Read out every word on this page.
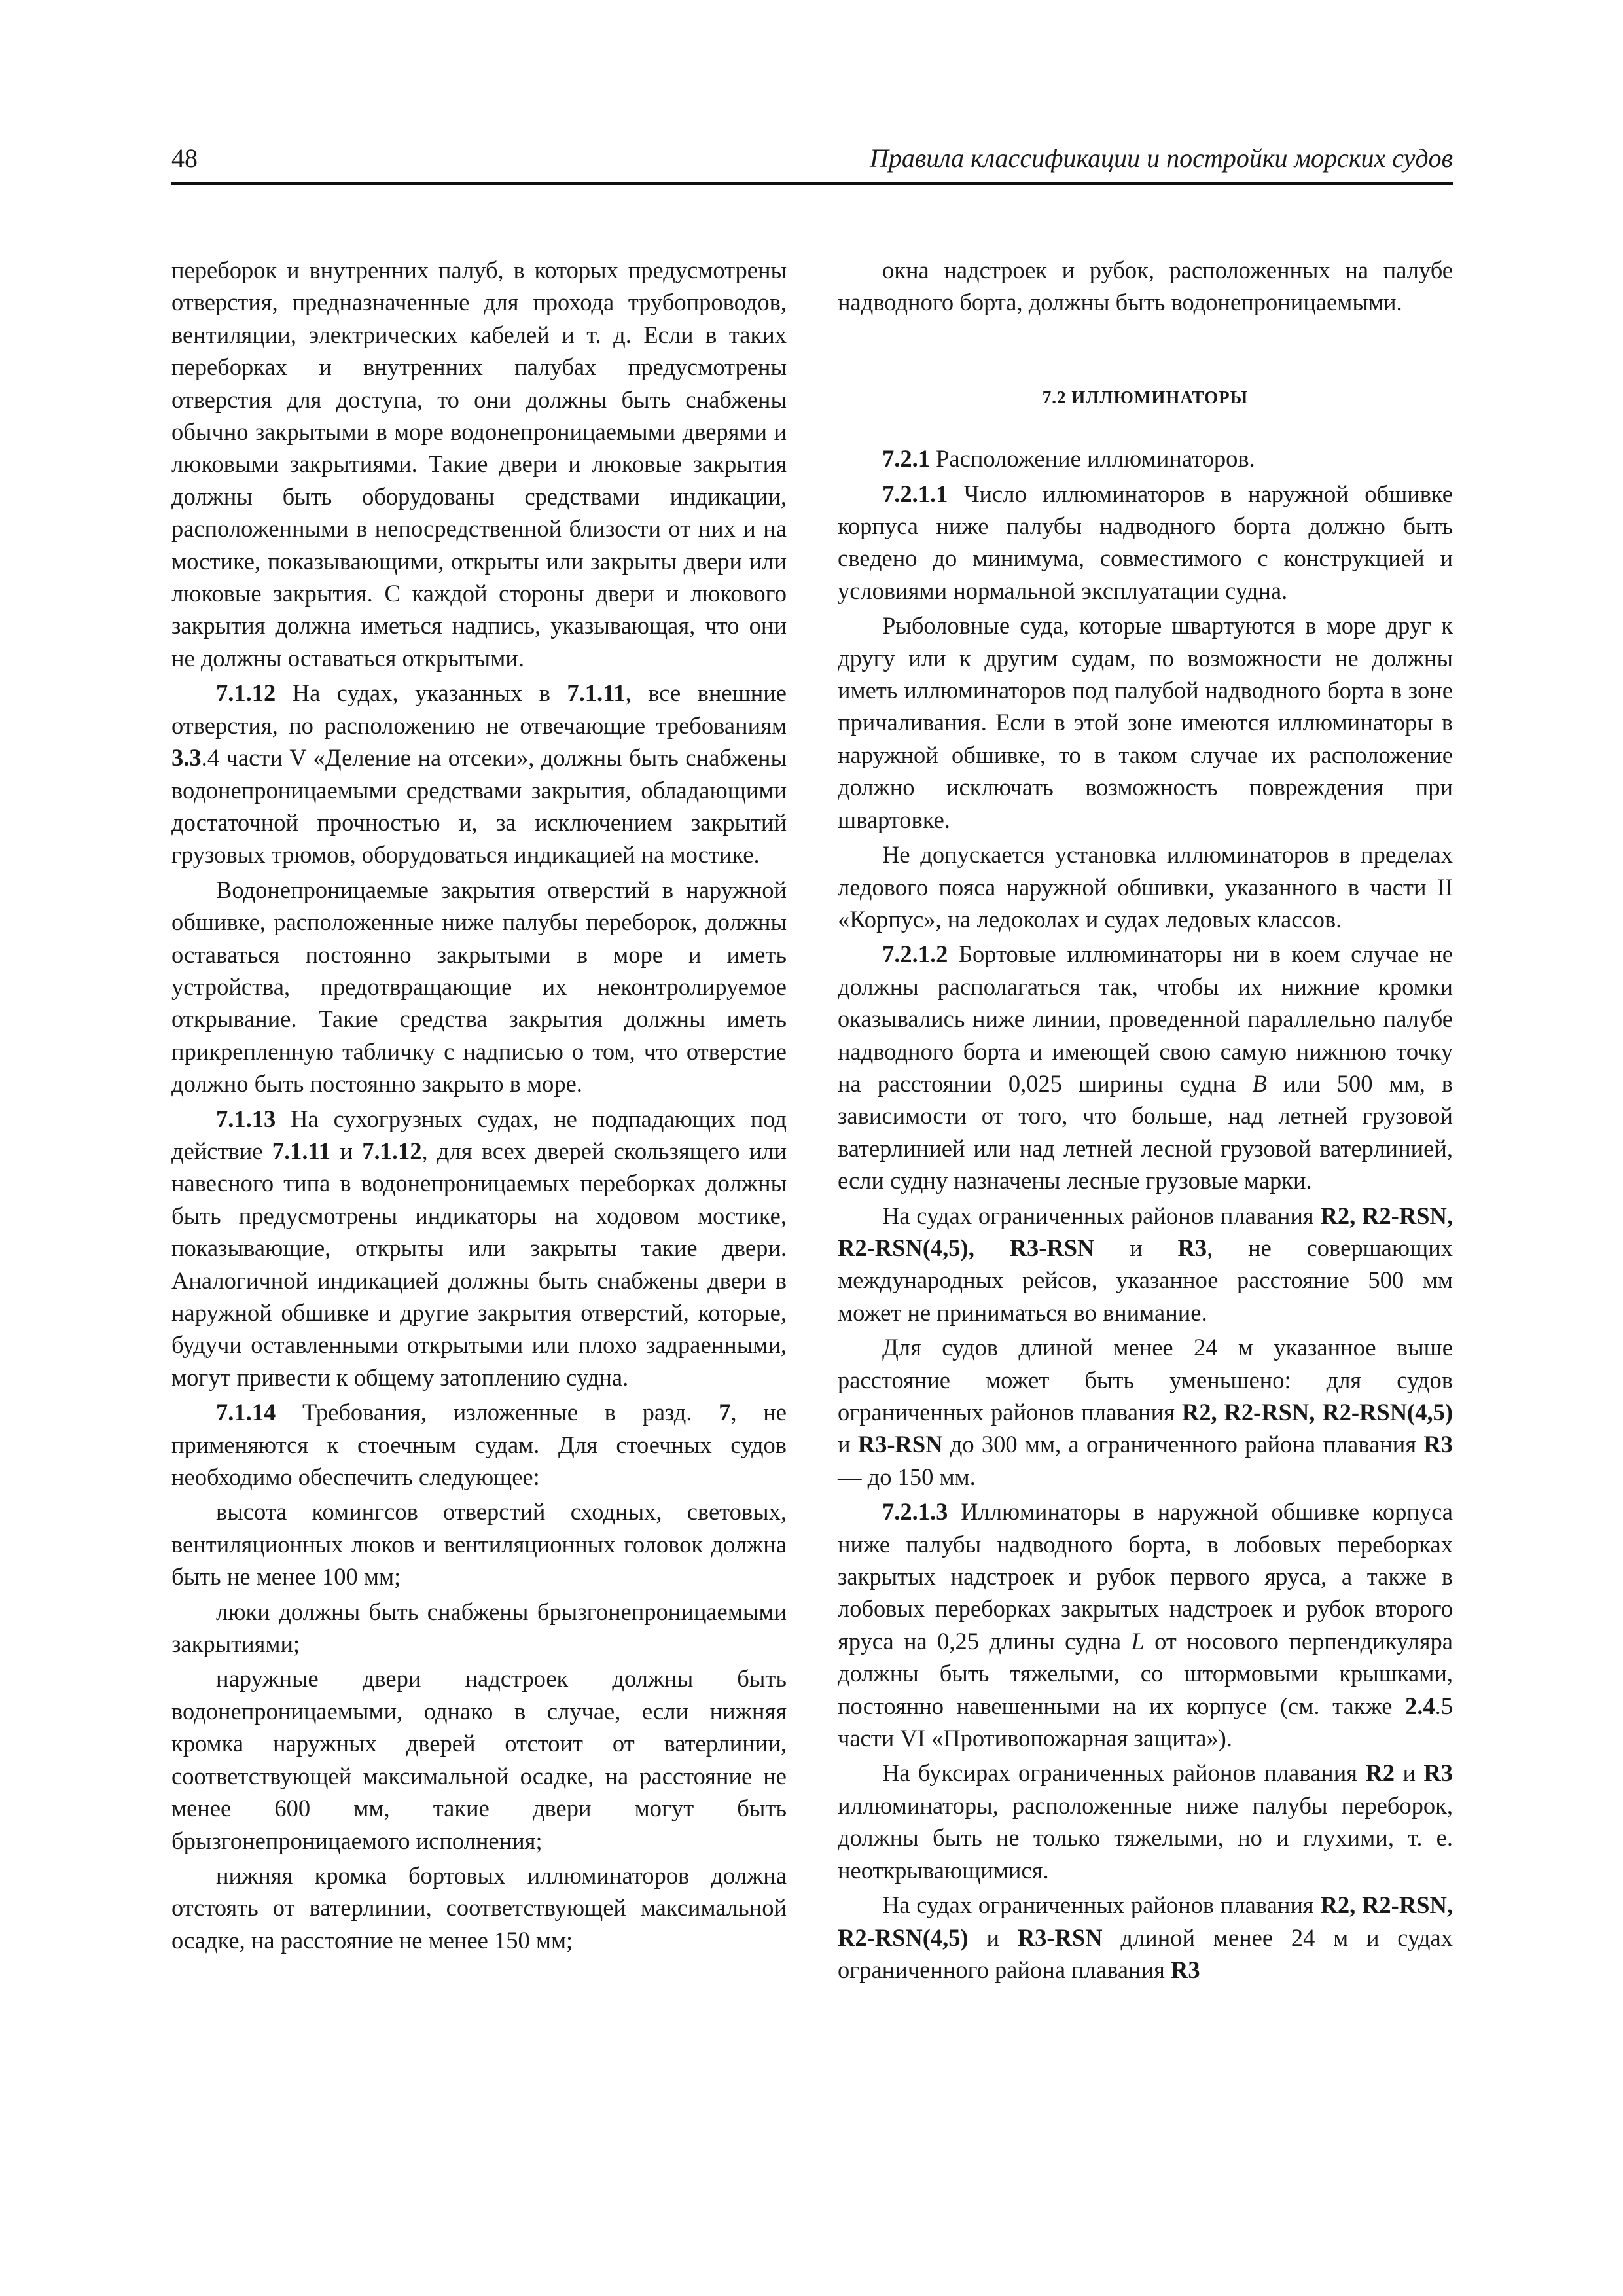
48	Правила классификации и постройки морских судов

переборок и внутренних палуб, в которых предусмотрены отверстия, предназначенные для прохода трубопроводов, вентиляции, электрических кабелей и т. д. Если в таких переборках и внутренних палубах предусмотрены отверстия для доступа, то они должны быть снабжены обычно закрытыми в море водонепроницаемыми дверями и люковыми закрытиями. Такие двери и люковые закрытия должны быть оборудованы средствами индикации, расположенными в непосредственной близости от них и на мостике, показывающими, открыты или закрыты двери или люковые закрытия. С каждой стороны двери и люкового закрытия должна иметься надпись, указывающая, что они не должны оставаться открытыми.

7.1.12 На судах, указанных в 7.1.11, все внешние отверстия, по расположению не отвечающие требованиям 3.3.4 части V «Деление на отсеки», должны быть снабжены водонепроницаемыми средствами закрытия, обладающими достаточной прочностью и, за исключением закрытий грузовых трюмов, оборудоваться индикацией на мостике.

Водонепроницаемые закрытия отверстий в наружной обшивке, расположенные ниже палубы переборок, должны оставаться постоянно закрытыми в море и иметь устройства, предотвращающие их неконтролируемое открывание. Такие средства закрытия должны иметь прикрепленную табличку с надписью о том, что отверстие должно быть постоянно закрыто в море.

7.1.13 На сухогрузных судах, не подпадающих под действие 7.1.11 и 7.1.12, для всех дверей скользящего или навесного типа в водонепроницаемых переборках должны быть предусмотрены индикаторы на ходовом мостике, показывающие, открыты или закрыты такие двери. Аналогичной индикацией должны быть снабжены двери в наружной обшивке и другие закрытия отверстий, которые, будучи оставленными открытыми или плохо задраенными, могут привести к общему затоплению судна.

7.1.14 Требования, изложенные в разд. 7, не применяются к стоечным судам. Для стоечных судов необходимо обеспечить следующее:

высота комингсов отверстий сходных, световых, вентиляционных люков и вентиляционных головок должна быть не менее 100 мм;

люки должны быть снабжены брызгонепроницаемыми закрытиями;

наружные двери надстроек должны быть водонепроницаемыми, однако в случае, если нижняя кромка наружных дверей отстоит от ватерлинии, соответствующей максимальной осадке, на расстояние не менее 600 мм, такие двери могут быть брызгонепроницаемого исполнения;

нижняя кромка бортовых иллюминаторов должна отстоять от ватерлинии, соответствующей максимальной осадке, на расстояние не менее 150 мм;

окна надстроек и рубок, расположенных на палубе надводного борта, должны быть водонепроницаемыми.

7.2 ИЛЛЮМИНАТОРЫ

7.2.1 Расположение иллюминаторов.

7.2.1.1 Число иллюминаторов в наружной обшивке корпуса ниже палубы надводного борта должно быть сведено до минимума, совместимого с конструкцией и условиями нормальной эксплуатации судна.

Рыболовные суда, которые швартуются в море друг к другу или к другим судам, по возможности не должны иметь иллюминаторов под палубой надводного борта в зоне причаливания. Если в этой зоне имеются иллюминаторы в наружной обшивке, то в таком случае их расположение должно исключать возможность повреждения при швартовке.

Не допускается установка иллюминаторов в пределах ледового пояса наружной обшивки, указанного в части II «Корпус», на ледоколах и судах ледовых классов.

7.2.1.2 Бортовые иллюминаторы ни в коем случае не должны располагаться так, чтобы их нижние кромки оказывались ниже линии, проведенной параллельно палубе надводного борта и имеющей свою самую нижнюю точку на расстоянии 0,025 ширины судна B или 500 мм, в зависимости от того, что больше, над летней грузовой ватерлинией или над летней лесной грузовой ватерлинией, если судну назначены лесные грузовые марки.

На судах ограниченных районов плавания R2, R2-RSN, R2-RSN(4,5), R3-RSN и R3, не совершающих международных рейсов, указанное расстояние 500 мм может не приниматься во внимание.

Для судов длиной менее 24 м указанное выше расстояние может быть уменьшено: для судов ограниченных районов плавания R2, R2-RSN, R2-RSN(4,5) и R3-RSN до 300 мм, а ограниченного района плавания R3 — до 150 мм.

7.2.1.3 Иллюминаторы в наружной обшивке корпуса ниже палубы надводного борта, в лобовых переборках закрытых надстроек и рубок первого яруса, а также в лобовых переборках закрытых надстроек и рубок второго яруса на 0,25 длины судна L от носового перпендикуляра должны быть тяжелыми, со штормовыми крышками, постоянно навешенными на их корпусе (см. также 2.4.5 части VI «Противопожарная защита»).

На буксирах ограниченных районов плавания R2 и R3 иллюминаторы, расположенные ниже палубы переборок, должны быть не только тяжелыми, но и глухими, т. е. неоткрывающимися.

На судах ограниченных районов плавания R2, R2-RSN, R2-RSN(4,5) и R3-RSN длиной менее 24 м и судах ограниченного района плавания R3
